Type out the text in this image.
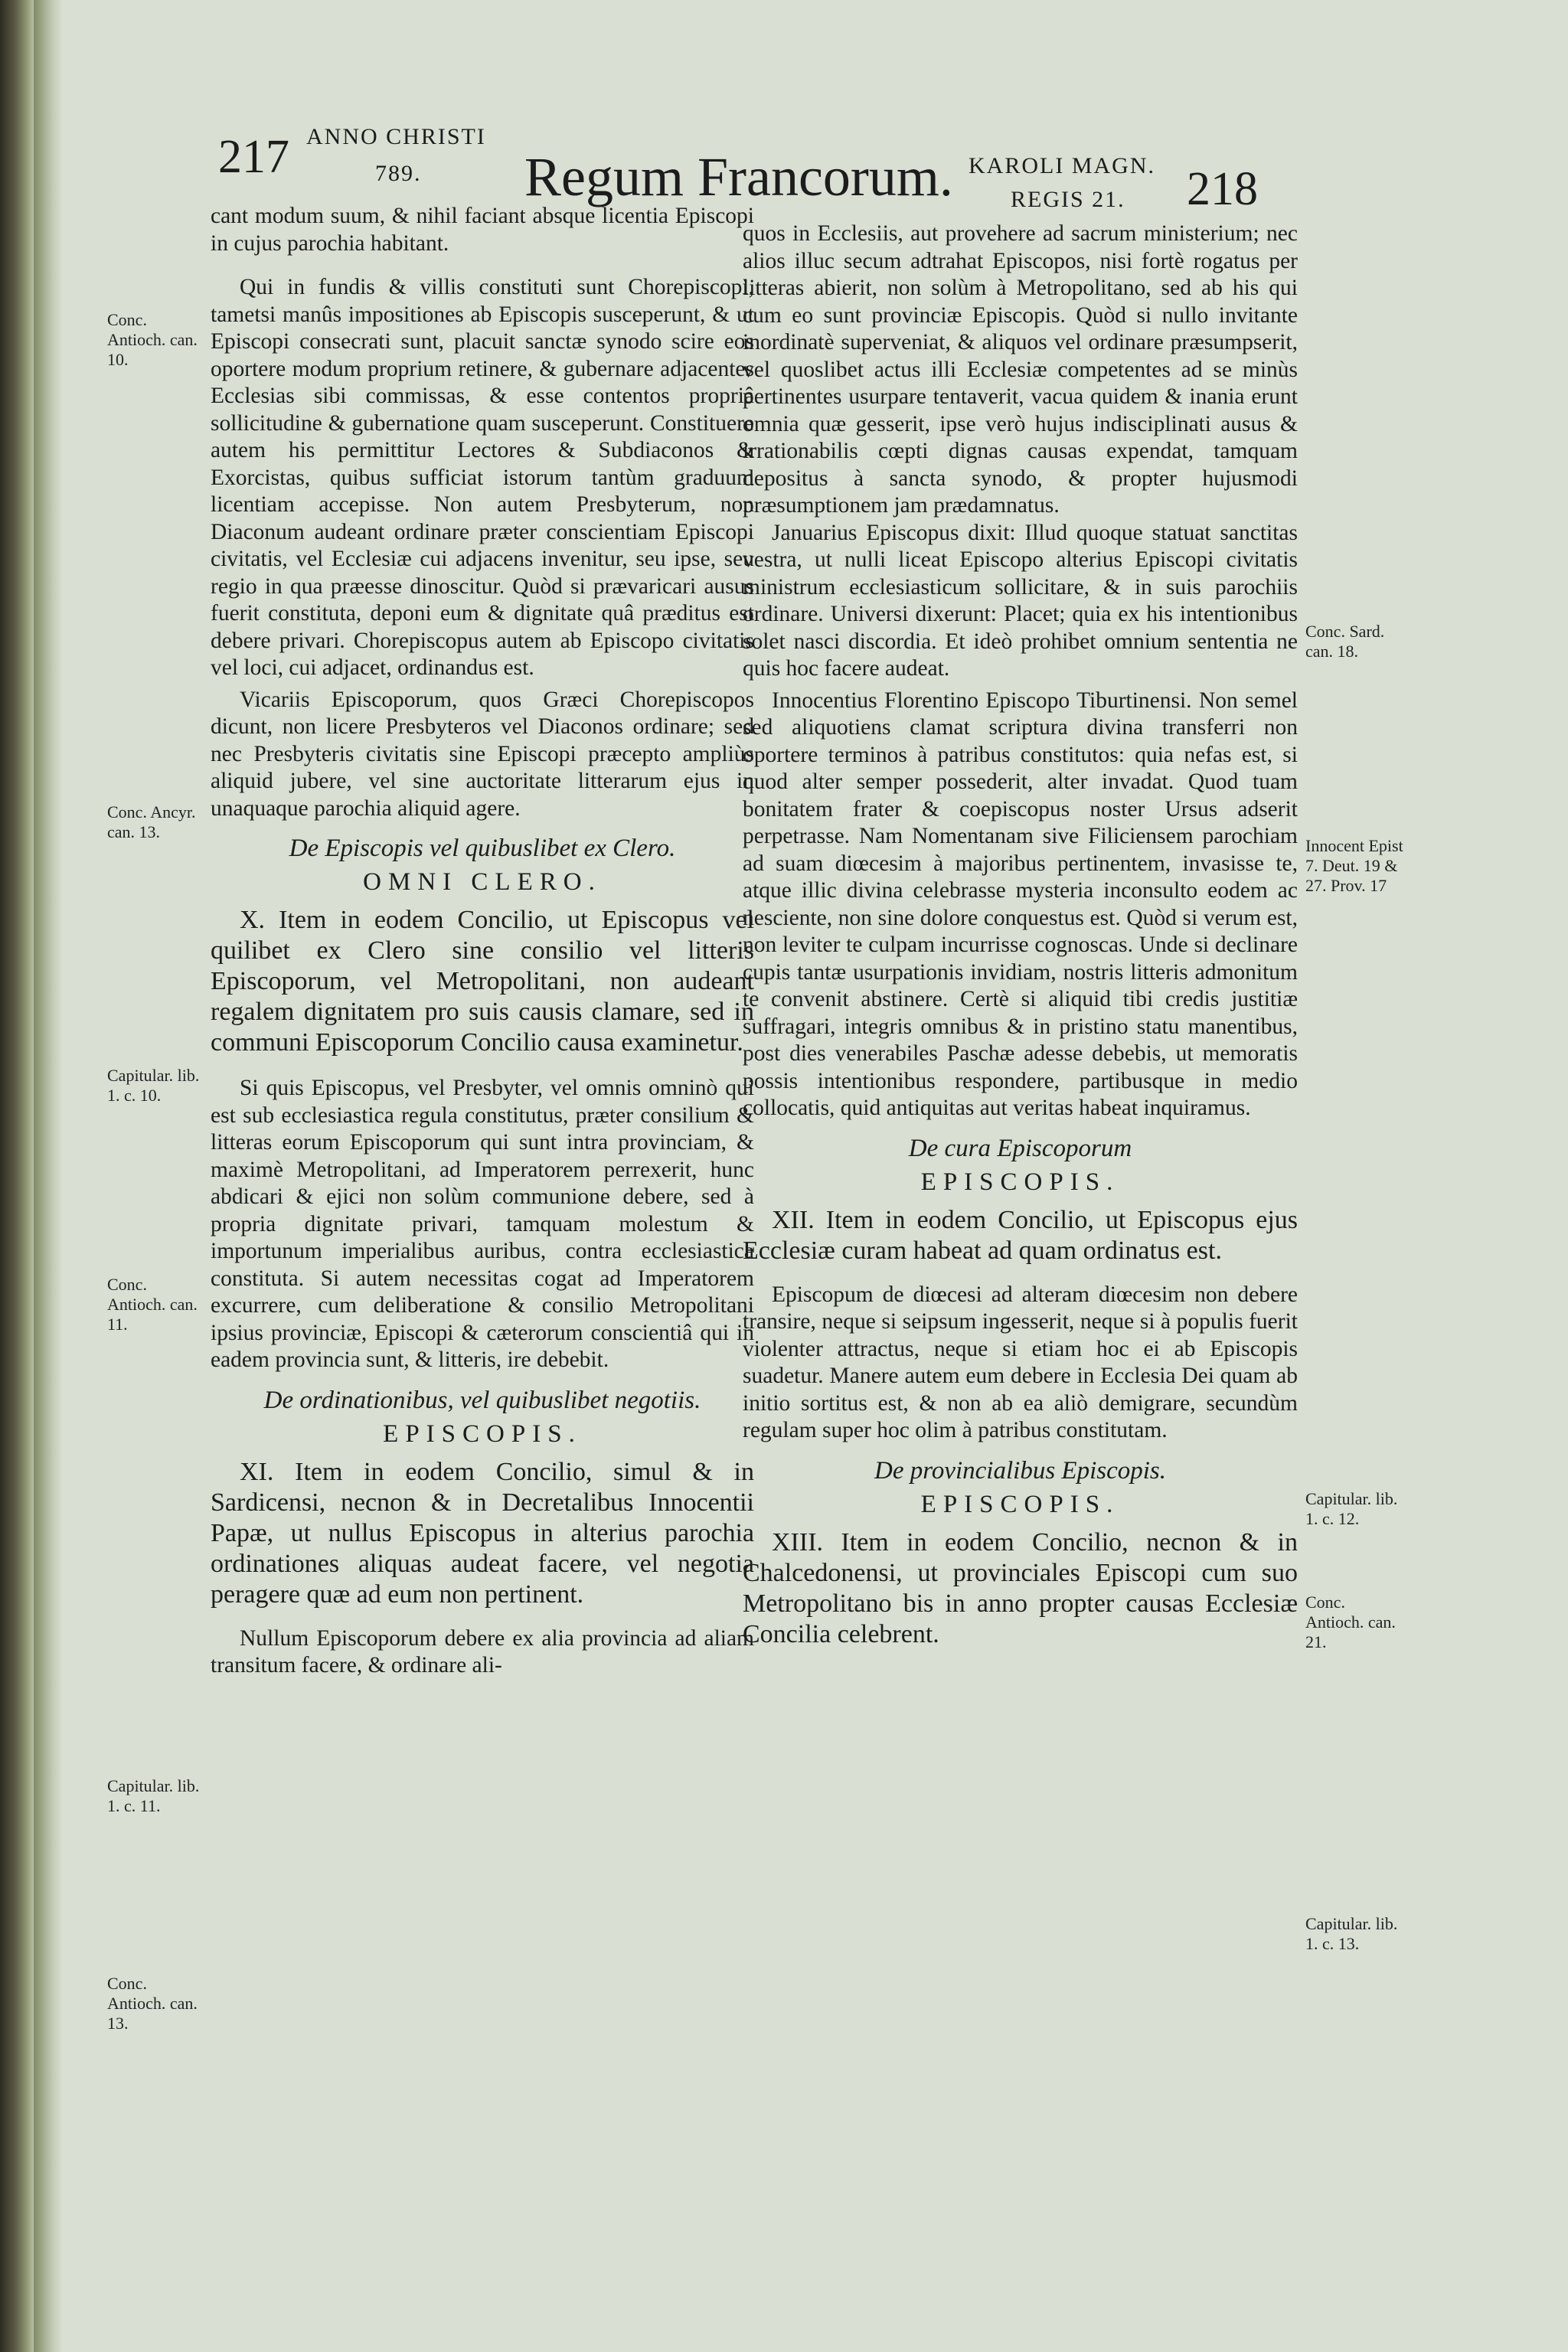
217 ANNO CHRISTI
789. Regum Francorum. KAROLI MAGN.
REGIS 21. 218

cant modum suum, & nihil faciant absque licentia Episcopi in cujus parochia habitant.

Qui in fundis & villis constituti sunt Chorepiscopi, tametsi manûs impositiones ab Episcopis susceperunt, & ut Episcopi consecrati sunt, placuit sanctæ synodo scire eos oportere modum proprium retinere, & gubernare adjacentes Ecclesias sibi commissas, & esse contentos propriâ sollicitudine & gubernatione quam susceperunt. Constituere autem his permittitur Lectores & Subdiaconos & Exorcistas, quibus sufficiat istorum tantùm graduum licentiam accepisse. Non autem Presbyterum, non Diaconum audeant ordinare præter conscientiam Episcopi civitatis, vel Ecclesiæ cui adjacens invenitur, seu ipse, seu regio in qua præesse dinoscitur. Quòd si prævaricari ausus fuerit constituta, deponi eum & dignitate quâ præditus est debere privari. Chorepiscopus autem ab Episcopo civitatis vel loci, cui adjacet, ordinandus est.

Vicariis Episcoporum, quos Græci Chorepiscopos dicunt, non licere Presbyteros vel Diaconos ordinare; sed nec Presbyteris civitatis sine Episcopi præcepto ampliùs aliquid jubere, vel sine auctoritate litterarum ejus in unaquaque parochia aliquid agere.

De Episcopis vel quibuslibet ex Clero.

OMNI CLERO.

X. Item in eodem Concilio, ut Episcopus vel quilibet ex Clero sine consilio vel litteris Episcoporum, vel Metropolitani, non audeant regalem dignitatem pro suis causis clamare, sed in communi Episcoporum Concilio causa examinetur.

Si quis Episcopus, vel Presbyter, vel omnis omninò qui est sub ecclesiastica regula constitutus, præter consilium & litteras eorum Episcoporum qui sunt intra provinciam, & maximè Metropolitani, ad Imperatorem perrexerit, hunc abdicari & ejici non solùm communione debere, sed à propria dignitate privari, tamquam molestum & importunum imperialibus auribus, contra ecclesiastica constituta. Si autem necessitas cogat ad Imperatorem excurrere, cum deliberatione & consilio Metropolitani ipsius provinciæ, Episcopi & cæterorum conscientiâ qui in eadem provincia sunt, & litteris, ire debebit.

De ordinationibus, vel quibuslibet negotiis.

EPISCOPIS.

XI. Item in eodem Concilio, simul & in Sardicensi, necnon & in Decretalibus Innocentii Papæ, ut nullus Episcopus in alterius parochia ordinationes aliquas audeat facere, vel negotia peragere quæ ad eum non pertinent.

Nullum Episcoporum debere ex alia provincia ad aliam transitum facere, & ordinare ali-

quos in Ecclesiis, aut provehere ad sacrum ministerium; nec alios illuc secum adtrahat Episcopos, nisi fortè rogatus per litteras abierit, non solùm à Metropolitano, sed ab his qui cum eo sunt provinciæ Episcopis. Quòd si nullo invitante inordinatè superveniat, & aliquos vel ordinare præsumpserit, vel quoslibet actus illi Ecclesiæ competentes ad se minùs pertinentes usurpare tentaverit, vacua quidem & inania erunt omnia quæ gesserit, ipse verò hujus indisciplinati ausus & irrationabilis cœpti dignas causas expendat, tamquam depositus à sancta synodo, & propter hujusmodi præsumptionem jam prædamnatus.

Januarius Episcopus dixit: Illud quoque statuat sanctitas vestra, ut nulli liceat Episcopo alterius Episcopi civitatis ministrum ecclesiasticum sollicitare, & in suis parochiis ordinare. Universi dixerunt: Placet; quia ex his intentionibus solet nasci discordia. Et ideò prohibet omnium sententia ne quis hoc facere audeat.

Innocentius Florentino Episcopo Tiburtinensi. Non semel sed aliquotiens clamat scriptura divina transferri non oportere terminos à patribus constitutos: quia nefas est, si quod alter semper possederit, alter invadat. Quod tuam bonitatem frater & coepiscopus noster Ursus adserit perpetrasse. Nam Nomentanam sive Filiciensem parochiam ad suam diœcesim à majoribus pertinentem, invasisse te, atque illic divina celebrasse mysteria inconsulto eodem ac nesciente, non sine dolore conquestus est. Quòd si verum est, non leviter te culpam incurrisse cognoscas. Unde si declinare cupis tantæ usurpationis invidiam, nostris litteris admonitum te convenit abstinere. Certè si aliquid tibi credis justitiæ suffragari, integris omnibus & in pristino statu manentibus, post dies venerabiles Paschæ adesse debebis, ut memoratis possis intentionibus respondere, partibusque in medio collocatis, quid antiquitas aut veritas habeat inquiramus.

De cura Episcoporum

EPISCOPIS.

XII. Item in eodem Concilio, ut Episcopus ejus Ecclesiæ curam habeat ad quam ordinatus est.

Episcopum de diœcesi ad alteram diœcesim non debere transire, neque si seipsum ingesserit, neque si à populis fuerit violenter attractus, neque si etiam hoc ei ab Episcopis suadetur. Manere autem eum debere in Ecclesia Dei quam ab initio sortitus est, & non ab ea aliò demigrare, secundùm regulam super hoc olim à patribus constitutam.

De provincialibus Episcopis.

EPISCOPIS.

XIII. Item in eodem Concilio, necnon & in Chalcedonensi, ut provinciales Episcopi cum suo Metropolitano bis in anno propter causas Ecclesiæ Concilia celebrent.

Conc. Antioch. can. 10.
Conc. Ancyr. can. 13.
Capitular. lib. 1. c. 10.
Conc. Antioch. can. 11.
Capitular. lib. 1. c. 11.
Conc. Antioch. can. 13.
Conc. Sard. can. 18.
Innocent Epist 7. Deut. 19 & 27. Prov. 17
Capitular. lib. 1. c. 12.
Conc. Antioch. can. 21.
Capitular. lib. 1. c. 13.
